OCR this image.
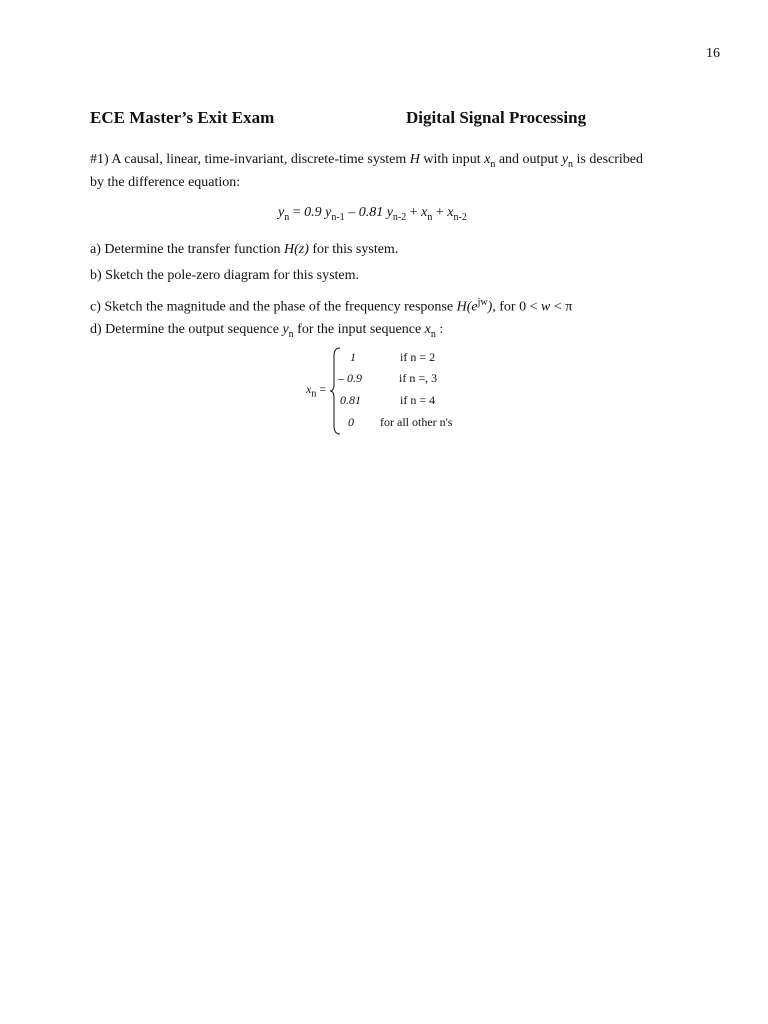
16
ECE Master’s Exit Exam	Digital Signal Processing
#1) A causal, linear, time-invariant, discrete-time system H with input $x_n$ and output $y_n$ is described by the difference equation:
$y_n = 0.9$ $y_{n-1} - 0.81$ $y_{n-2} + x_n + x_{n-2}$
a) Determine the transfer function H(z) for this system.
b) Sketch the pole-zero diagram for this system.
c) Sketch the magnitude and the phase of the frequency response $H(e^{jw})$, for 0 < w < π
d) Determine the output sequence $y_n$ for the input sequence $x_n$ :
$x_n$ =
1	if n = 2
– 0.9	if n =, 3
0.81	if n = 4
0 for all other n's
